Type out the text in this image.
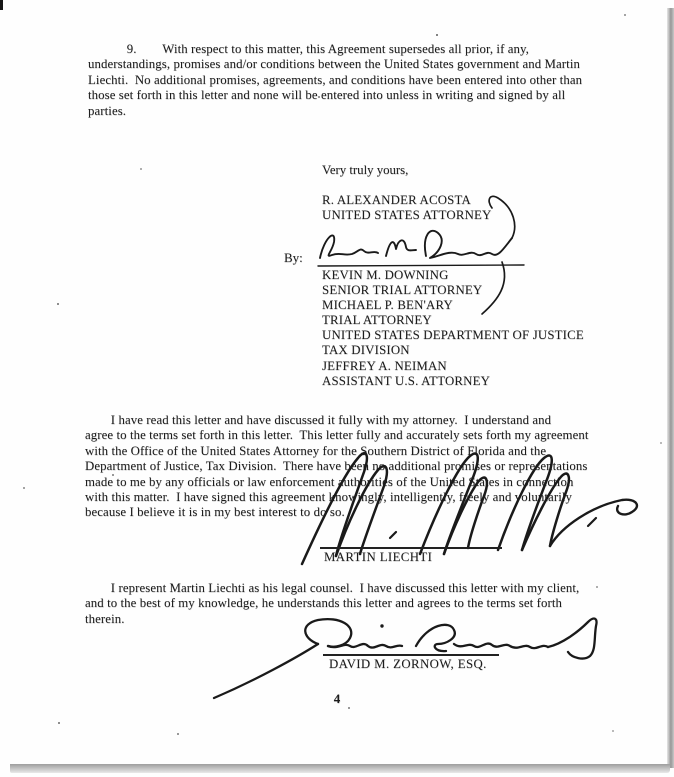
   9.  With respect to this matter, this Agreement supersedes all prior, if any,
understandings, promises and/or conditions between the United States government and Martin
Liechti.  No additional promises, agreements, and conditions have been entered into other than
those set forth in this letter and none will be entered into unless in writing and signed by all
parties.
Very truly yours,
R. ALEXANDER ACOSTA
UNITED STATES ATTORNEY
By:
KEVIN M. DOWNING
SENIOR TRIAL ATTORNEY
MICHAEL P. BEN'ARY
TRIAL ATTORNEY
UNITED STATES DEPARTMENT OF JUSTICE
TAX DIVISION
JEFFREY A. NEIMAN
ASSISTANT U.S. ATTORNEY
  I have read this letter and have discussed it fully with my attorney.  I understand and
agree to the terms set forth in this letter.  This letter fully and accurately sets forth my agreement
with the Office of the United States Attorney for the Southern District of Florida and the
Department of Justice, Tax Division.  There have been no additional promises or representations
made to me by any officials or law enforcement authorities of the United States in connection
with this matter.  I have signed this agreement knowingly, intelligently, freely and voluntarily
because I believe it is in my best interest to do so.
MARTIN LIECHTI
  I represent Martin Liechti as his legal counsel.  I have discussed this letter with my client,
and to the best of my knowledge, he understands this letter and agrees to the terms set forth
therein.
DAVID M. ZORNOW, ESQ.
4
